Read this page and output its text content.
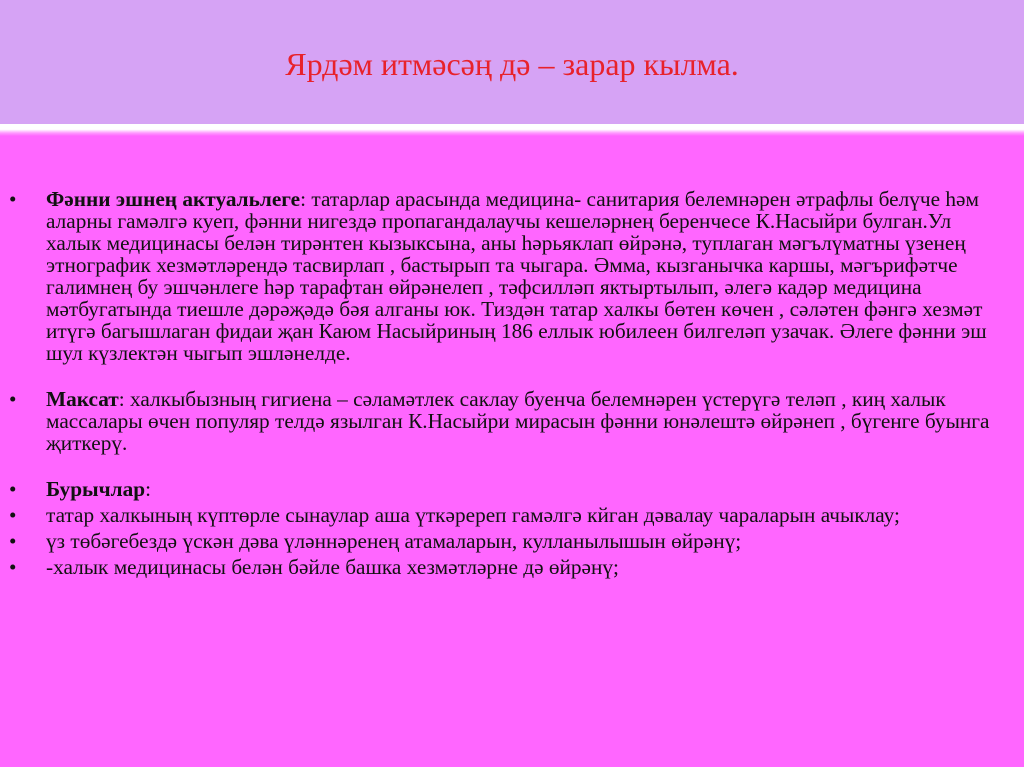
Ярдәм итмәсәң дә – зарар кылма.
• Фәнни эшнең актуальлеге: татарлар арасында медицина- санитария белемнәрен әтрафлы белүче һәм аларны гамәлгә куеп, фәнни нигездә пропагандалаучы кешеләрнең беренчесе К.Насыйри булган.Ул халык медицинасы белән тирәнтен кызыксына, аны һәрьяклап өйрәнә, туплаган мәгълүматны үзенең этнографик хезмәтләрендә тасвирлап , бастырып та чыгара. Әмма, кызганычка каршы, мәгърифәтче галимнең бу эшчәнлеге һәр тарафтан өйрәнелеп , тәфсилләп яктыртылып, әлегә кадәр медицина мәтбугатында тиешле дәрәҗәдә бәя алганы юк. Тиздән татар халкы бөтен көчен , сәләтен фәнгә хезмәт итүгә багышлаган фидаи җан Каюм Насыйриның 186 еллык юбилеен билгеләп узачак. Әлеге фәнни эш шул күзлектән чыгып эшләнелде.
• Максат: халкыбызның гигиена – сәламәтлек саклау буенча белемнәрен үстерүгә теләп , киң халык массалары өчен популяр телдә язылган К.Насыйри мирасын фәнни юнәлештә өйрәнеп , бүгенге буынга җиткерү.
• Бурычлар:
• татар халкының күптөрле сынаулар аша үткәререп гамәлгә кйган дәвалау чараларын ачыклау;
• үз төбәгебездә үскән дәва үләннәренең атамаларын, кулланылышын өйрәнү;
• -халык медицинасы белән бәйле башка хезмәтләрне дә өйрәнү;
